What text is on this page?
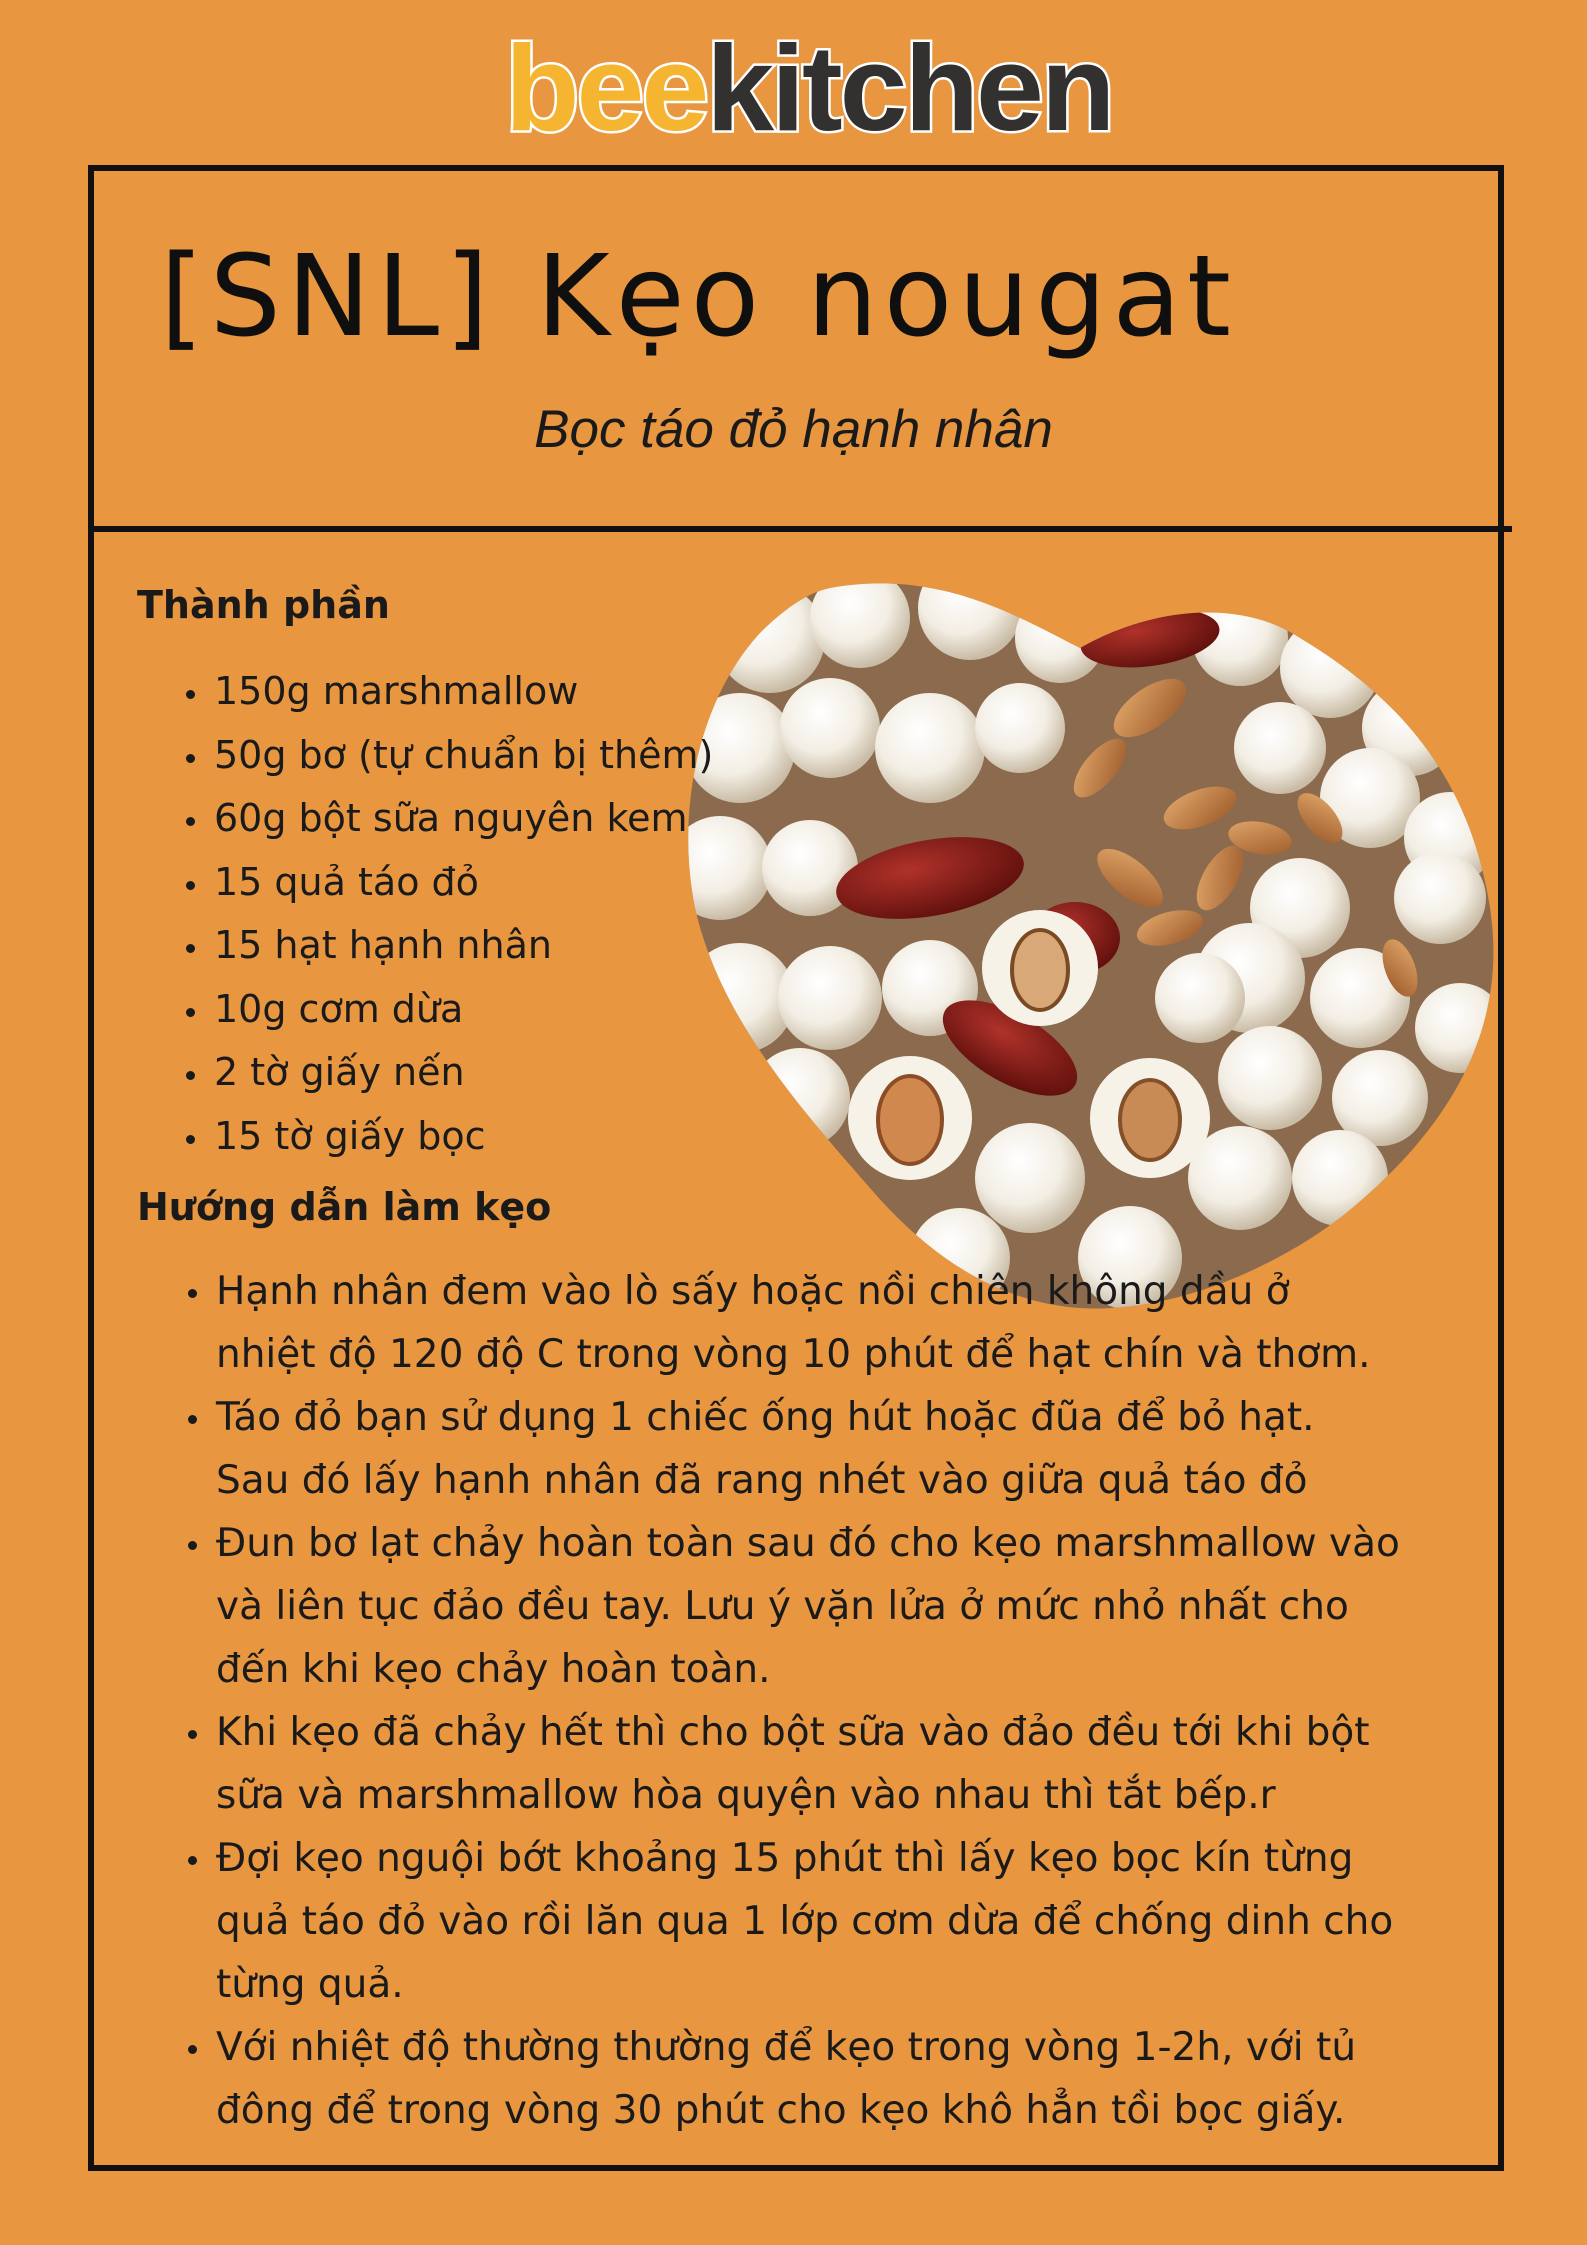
beekitchen
[SNL] Kẹo nougat
Bọc táo đỏ hạnh nhân
Thành phần
150g marshmallow
50g bơ (tự chuẩn bị thêm)
60g bột sữa nguyên kem
15 quả táo đỏ
15 hạt hạnh nhân
10g cơm dừa
2 tờ giấy nến
15 tờ giấy bọc
Hướng dẫn làm kẹo
Hạnh nhân đem vào lò sấy hoặc nồi chiên không dầu ở
nhiệt độ 120 độ C trong vòng 10 phút để hạt chín và thơm.
Táo đỏ bạn sử dụng 1 chiếc ống hút hoặc đũa để bỏ hạt.
Sau đó lấy hạnh nhân đã rang nhét vào giữa quả táo đỏ
Đun bơ lạt chảy hoàn toàn sau đó cho kẹo marshmallow vào
và liên tục đảo đều tay. Lưu ý vặn lửa ở mức nhỏ nhất cho
đến khi kẹo chảy hoàn toàn.
Khi kẹo đã chảy hết thì cho bột sữa vào đảo đều tới khi bột
sữa và marshmallow hòa quyện vào nhau thì tắt bếp.r
Đợi kẹo nguội bớt khoảng 15 phút thì lấy kẹo bọc kín từng
quả táo đỏ vào rồi lăn qua 1 lớp cơm dừa để chống dinh cho
từng quả.
Với nhiệt độ thường thường để kẹo trong vòng 1-2h, với tủ
đông để trong vòng 30 phút cho kẹo khô hẳn tồi bọc giấy.
